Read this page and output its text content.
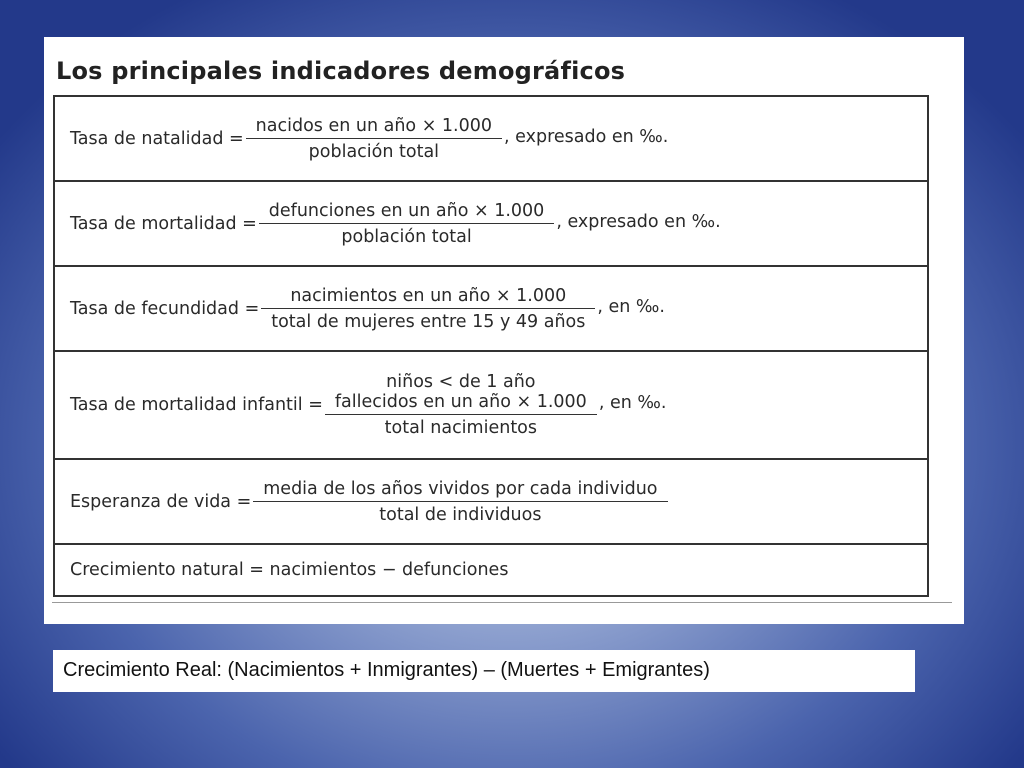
Los principales indicadores demográficos
Tasa de natalidad = $\frac{\text{nacidos en un año × 1.000}}{\text{población total}}$ , expresado en ‰.
Tasa de mortalidad = $\frac{\text{defunciones en un año × 1.000}}{\text{población total}}$ , expresado en ‰.
Tasa de fecundidad = $\frac{\text{nacimientos en un año × 1.000}}{\text{total de mujeres entre 15 y 49 años}}$ , en ‰.
Tasa de mortalidad infantil = niños < de 1 año
fallecidos en un año × 1.000
total nacimientos , en ‰.
Esperanza de vida = $\frac{\text{media de los años vividos por cada individuo}}{\text{total de individuos}}$
Crecimiento natural = nacimientos − defunciones
Crecimiento Real: (Nacimientos + Inmigrantes) – (Muertes + Emigrantes)
